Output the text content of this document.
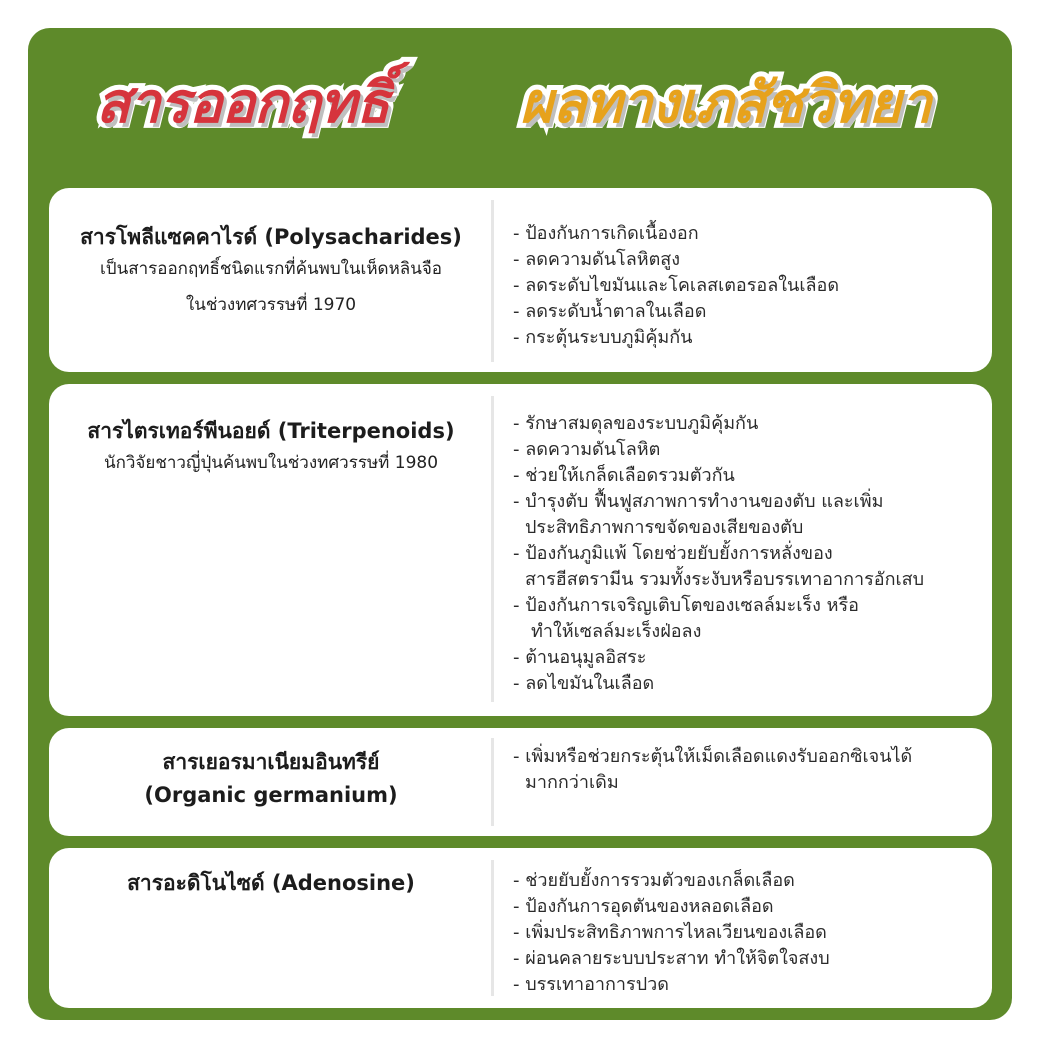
สารออกฤทธิ์ ผลทางเภสัชวิทยา
สารโพลีแซคคาไรด์ (Polysacharides)
เป็นสารออกฤทธิ์ชนิดแรกที่ค้นพบในเห็ดหลินจือ
ในช่วงทศวรรษที่ 1970
- ป้องกันการเกิดเนื้องอก
- ลดความดันโลหิตสูง
- ลดระดับไขมันและโคเลสเตอรอลในเลือด
- ลดระดับน้ำตาลในเลือด
- กระตุ้นระบบภูมิคุ้มกัน
สารไตรเทอร์พีนอยด์ (Triterpenoids)
นักวิจัยชาวญี่ปุ่นค้นพบในช่วงทศวรรษที่ 1980
- รักษาสมดุลของระบบภูมิคุ้มกัน
- ลดความดันโลหิต
- ช่วยให้เกล็ดเลือดรวมตัวกัน
- บำรุงตับ ฟื้นฟูสภาพการทำงานของตับ และเพิ่ม
ประสิทธิภาพการขจัดของเสียของตับ
- ป้องกันภูมิแพ้ โดยช่วยยับยั้งการหลั่งของ
สารฮีสตรามีน รวมทั้งระงับหรือบรรเทาอาการอักเสบ
- ป้องกันการเจริญเติบโตของเซลล์มะเร็ง หรือ
ทำให้เซลล์มะเร็งฝ่อลง
- ต้านอนุมูลอิสระ
- ลดไขมันในเลือด
สารเยอรมาเนียมอินทรีย์
(Organic germanium)
- เพิ่มหรือช่วยกระตุ้นให้เม็ดเลือดแดงรับออกซิเจนได้
มากกว่าเดิม
สารอะดิโนไซด์ (Adenosine)	- ช่วยยับยั้งการรวมตัวของเกล็ดเลือด
- ป้องกันการอุดตันของหลอดเลือด
- เพิ่มประสิทธิภาพการไหลเวียนของเลือด
- ผ่อนคลายระบบประสาท ทำให้จิตใจสงบ
- บรรเทาอาการปวด
